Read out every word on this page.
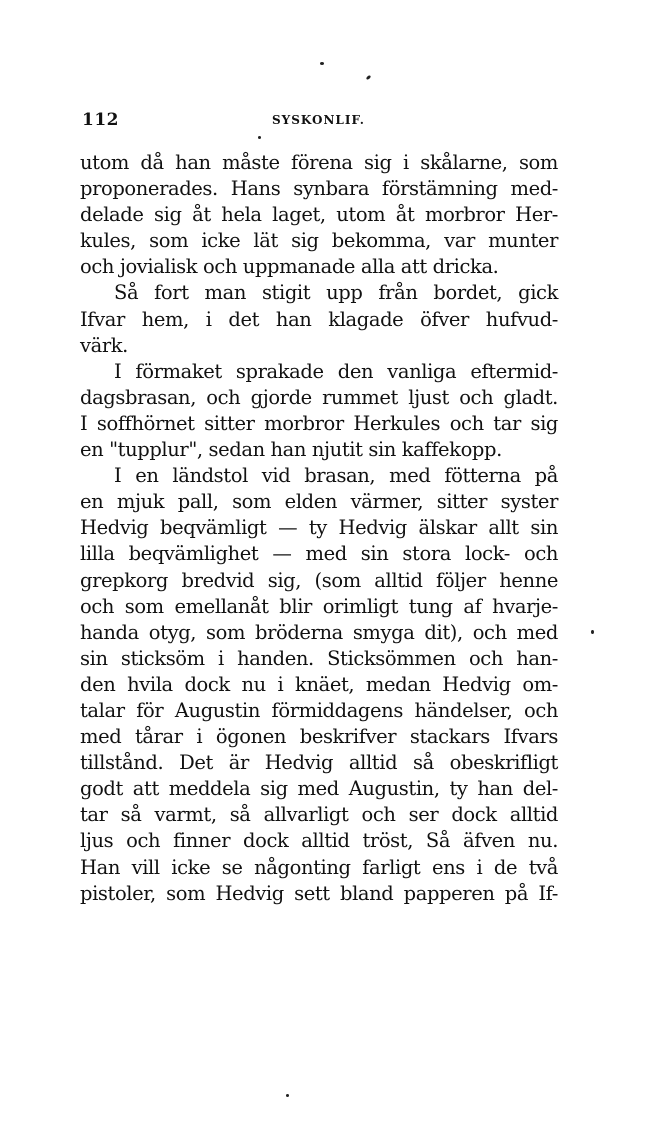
112	SYSKONLIF.
utom då han måste förena sig i skålarne, som
proponerades. Hans synbara förstämning med-
delade sig åt hela laget, utom åt morbror Her-
kules, som icke lät sig bekomma, var munter
och jovialisk och uppmanade alla att dricka.
Så fort man stigit upp från bordet, gick
Ifvar hem, i det han klagade öfver hufvud-
värk.
I förmaket sprakade den vanliga eftermid-
dagsbrasan, och gjorde rummet ljust och gladt.
I soffhörnet sitter morbror Herkules och tar sig
en "tupplur", sedan han njutit sin kaffekopp.
I en ländstol vid brasan, med fötterna på
en mjuk pall, som elden värmer, sitter syster
Hedvig beqvämligt — ty Hedvig älskar allt sin
lilla beqvämlighet — med sin stora lock- och
grepkorg bredvid sig, (som alltid följer henne
och som emellanåt blir orimligt tung af hvarje-
handa otyg, som bröderna smyga dit), och med
sin sticksöm i handen. Sticksömmen och han-
den hvila dock nu i knäet, medan Hedvig om-
talar för Augustin förmiddagens händelser, och
med tårar i ögonen beskrifver stackars Ifvars
tillstånd. Det är Hedvig alltid så obeskrifligt
godt att meddela sig med Augustin, ty han del-
tar så varmt, så allvarligt och ser dock alltid
ljus och finner dock alltid tröst, Så äfven nu.
Han vill icke se någonting farligt ens i de två
pistoler, som Hedvig sett bland papperen på If-
